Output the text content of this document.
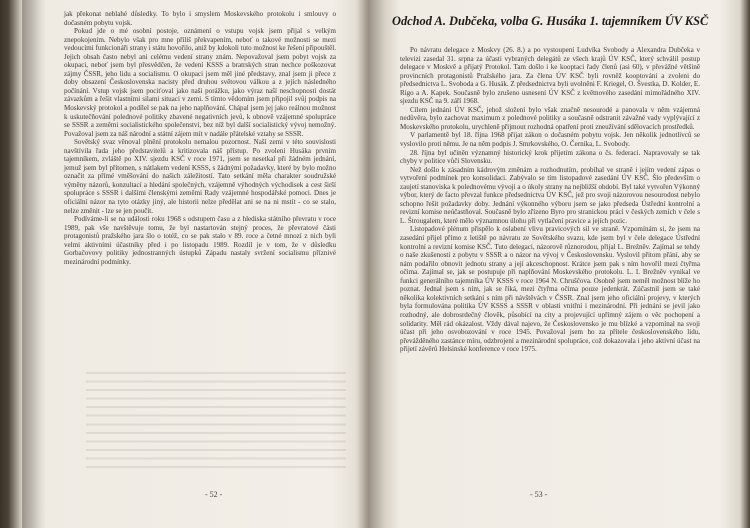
jak překonat neblahé důsledky. To bylo i smyslem Moskevského protokolu i smlouvy o dočasném pobytu vojsk.

Pokud jde o mé osobní postoje, oznámení o vstupu vojsk jsem přijal s velkým znepokojením. Nebylo však pro mne příliš překvapením, neboť o takové možnosti se mezi vedoucími funkcionáři strany i státu hovořilo, aniž by kdokoli tuto možnost ke řešení připouštěl. Jejich obsah často nebyl ani celému vedení strany znám. Nepovažoval jsem pobyt vojsk za okupaci, neboť jsem byl přesvědčen, že vedení KSSS a bratrských stran nechce poškozovat zájmy ČSSR, jeho lidu a socialismu. O okupaci jsem měl jiné představy, znal jsem ji přece z doby obsazení Československa nacisty před druhou světovou válkou a z jejích následného počínání. Vstup vojsk jsem pociťoval jako naši porážku, jako výraz naší neschopnosti dostát závazkům a řešit vlastními silami situaci v zemi. S tímto vědomím jsem připojil svůj podpis na Moskevský protokol a podílel se pak na jeho naplňování. Chápal jsem jej jako reálnou možnost k uskutečňování polednové politiky zbavené negativních jevů, k obnově vzájemné spolupráce se SSSR a zeměmi socialistického společenství, bez níž byl další socialistický vývoj nemožný. Považoval jsem za náš národní a státní zájem mít v nadále přátelské vztahy se SSSR.

Sovětský svaz věnoval plnění protokolu nemalou pozornost. Naší zemi v této souvislosti navštívila řada jeho představitelů a kritizovala náš přístup. Po zvolení Husáka prvním tajemníkem, zvláště po XIV. sjezdu KSČ v roce 1971, jsem se nesetkal při žádném jednání, jemuž jsem byl přítomen, s nátlakem vedení KSSS, s žádnými požadavky, které by bylo možno označit za přímé vměšování do našich záležitostí. Tato setkání měla charakter soudružské výměny názorů, konzultací a hledání společných, vzájemně výhodných východisek a cest širší spolupráce s SSSR i dalšími členskými zeměmi Rady vzájemné hospodářské pomoci. Dnes je oficiální názor na tyto otázky jiný, ale historii nelze předělat ani se na ni mstít - co se stalo, nelze změnit - lze se jen poučit.

Podíváme-li se na události roku 1968 s odstupem času a z hlediska státního převratu v roce 1989, pak vše navštěvuje tomu, že byl nastartován stejný proces, že převratové části protagonistů pražského jara šlo o totéž, co se pak stalo v 89. roce a četné mnozí z nich byli velmi aktivními účastníky před i po listopadu 1989. Rozdíl je v tom, že v důsledku Gorbačovovy politiky jednostranných ústupků Západu nastaly svržení socialismu příznivé mezinárodní podmínky.

- 52 -
Odchod A. Dubčeka, volba G. Husáka 1. tajemníkem ÚV KSČ

Po návratu delegace z Moskvy (26. 8.) a po vystoupení Ludvíka Svobody a Alexandra Dubčeka v televizi zasedal 31. srpna za účasti vybraných delegátů ze všech krajů ÚV KSČ, který schválil postup delegace v Moskvě a přijatý Protokol. Tam došlo i ke kooptaci řady členů (asi 60), v převážné většině provincních protagonistů Pražského jara. Za člena ÚV KSČ byli rovněž kooptováni a zvoleni do předsednictva L. Svoboda a G. Husák. Z předsednictva byli uvolněni F. Kriegel, O. Švestka, D. Kolder, E. Rigo a A. Kapek. Současně bylo zrušeno usnesení ÚV KSČ z květnového zasedání mimořádného XIV. sjezdu KSČ na 9. září 1968.

Cílem jednání ÚV KSČ, jehož složení bylo však značně nesourodé a panovala v něm vzájemná nedůvěra, bylo zachovat maximum z polednové politiky a současně odstranit závažné vady vyplývající z Moskevského protokolu, urychleně přijmout rozhodná opatření proti zneužívání sdělovacích prostředků.

V parlamentě byl 18. října 1968 přijat zákon o dočasném pobytu vojsk. Jen několik jednotlivců se vyslovilo proti němu. Je na něm podpis J. Smrkovského, O. Černíka, L. Svobody.

28. října byl učiněn významný historický krok přijetím zákona o čs. federaci. Napravovaly se tak chyby v politice vůči Slovensku.

Než došlo k zásadním kádrovým změnám a rozhodnutím, probíhal ve straně i jejím vedení zápas o vytvoření podmínek pro konsolidaci. Zabývalo se tím listopadové zasedání ÚV KSČ. Šlo především o zaujetí stanoviska k polednovému vývoji a o úkoly strany na nejbližší období. Byl také vytvořen Výkonný výbor, který de facto převzal funkce předsednictva ÚV KSČ, jež pro svoji názorovou nesourodost nebylo schopno řešit požadavky doby. Jednání výkonného výboru jsem se jako předseda Ústřední kontrolní a revizní komise neúčastňoval. Současně bylo zřízeno Byro pro stranickou práci v českých zemích v čele s L. Štrougalem, které mělo významnou úlohu při vytlačení pravice a jejích pozic.

Listopadové plénum přispělo k oslabení vlivu pravicových sil ve straně. Vzpomínám si, že jsem na zasedání přijel přímo z letiště po návratu ze Sovětského svazu, kde jsem byl v čele delegace Ústřední kontrolní a revizní komise KSČ. Tuto delegaci, názorově různorodou, přijal L. Brežněv. Zajímal se tehdy o naše zkušenosti z pobytu v SSSR a o názor na vývoj v Československu. Vyslovil přitom přání, aby se nám podařilo obnovit jednotu strany a její akceschopnost. Krátce jsem pak s ním hovořil mezi čtyřma očima. Zajímal se, jak se postupuje při naplňování Moskevského protokolu. L. I. Brežněv vynikal ve funkci generálního tajemníka ÚV KSSS v roce 1964 N. Chruščova. Osobně jsem neměl možnost blíže ho poznat. Jednal jsem s ním, jak se říká, mezi čtyřma očima pouze jedenkrát. Zúčastnil jsem se také několika kolektivních setkání s ním při návštěvách v ČSSR. Znal jsem jeho oficiální projevy, v kterých byla formulována politika ÚV KSSS a SSSR v oblasti vnitřní i mezinárodní. Při jednání se jevil jako rozhodný, ale dobrosrdečný člověk, působící na city a projevující upřímný zájem o věc pochopení a solidarity. Měl rád okázalost. Vždy dával najevo, že Československo je mu blízké a vzpomínal na svoji účast při jeho osvobozování v roce 1945. Považoval jsem ho za přítele československého lidu, převážděného zastánce míru, odzbrojení a mezinárodní spolupráce, což dokazovala i jeho aktivní účast na přijetí závěrů Helsinské konference v roce 1975.

- 53 -
